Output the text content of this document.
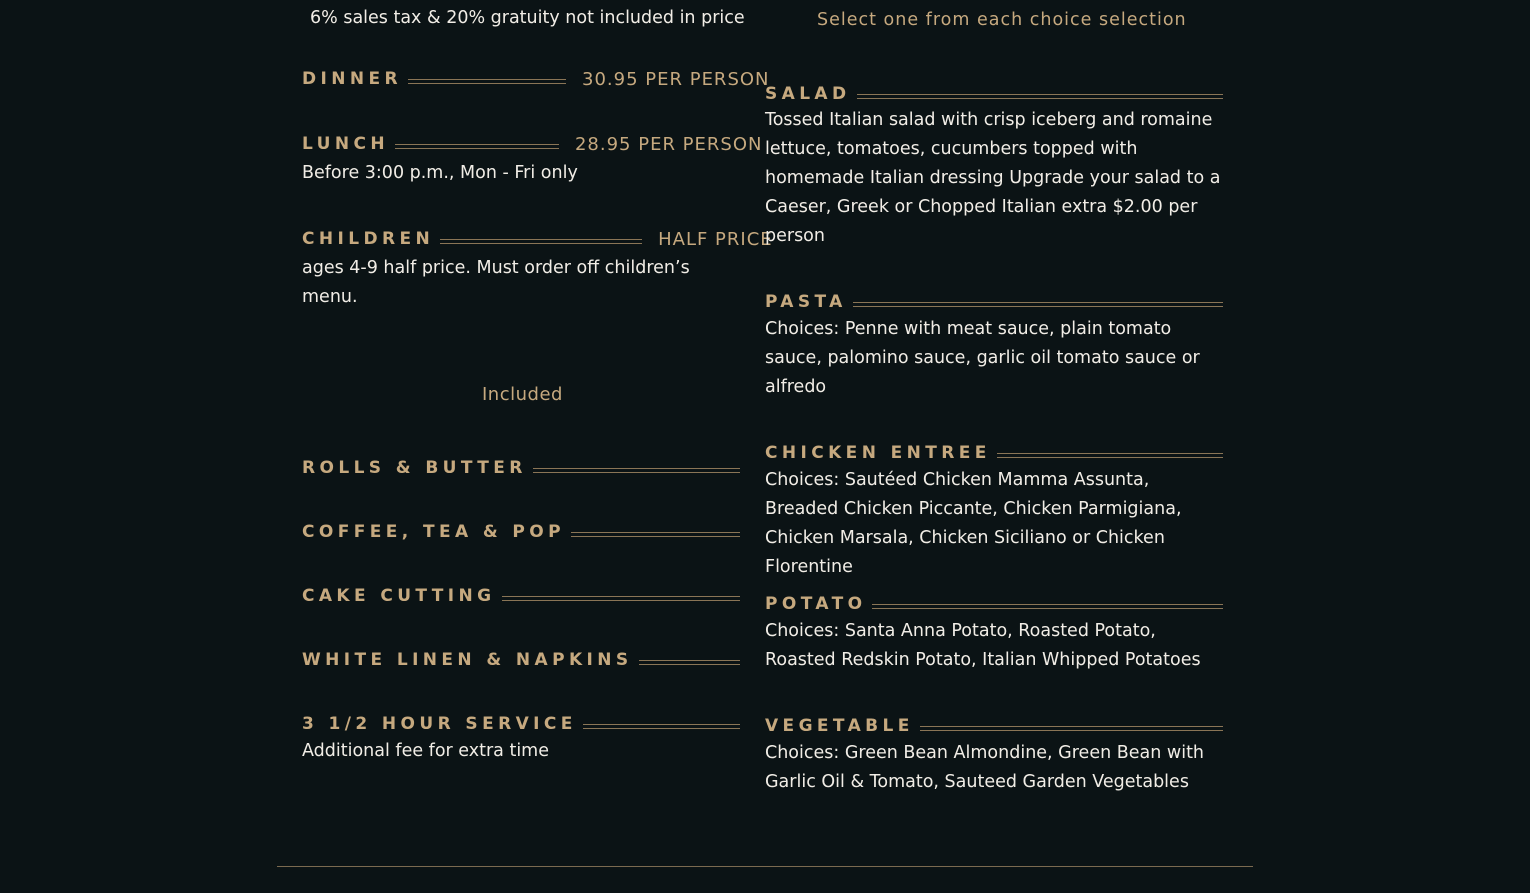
6% sales tax & 20% gratuity not included in price
DINNER	30.95 PER PERSON
LUNCH	28.95 PER PERSON
Before 3:00 p.m., Mon - Fri only
CHILDREN	HALF PRICE
ages 4-9 half price. Must order off children’s menu.
Included
ROLLS & BUTTER
COFFEE, TEA & POP
CAKE CUTTING
WHITE LINEN & NAPKINS
3 1/2 HOUR SERVICE
Additional fee for extra time
Select one from each choice selection
SALAD
Tossed Italian salad with crisp iceberg and romaine lettuce, tomatoes, cucumbers topped with homemade Italian dressing Upgrade your salad to a Caeser, Greek or Chopped Italian extra $2.00 per person
PASTA
Choices: Penne with meat sauce, plain tomato sauce, palomino sauce, garlic oil tomato sauce or alfredo
CHICKEN ENTREE
Choices: Sautéed Chicken Mamma Assunta, Breaded Chicken Piccante, Chicken Parmigiana, Chicken Marsala, Chicken Siciliano or Chicken Florentine
POTATO
Choices: Santa Anna Potato, Roasted Potato, Roasted Redskin Potato, Italian Whipped Potatoes
VEGETABLE
Choices: Green Bean Almondine, Green Bean with Garlic Oil & Tomato, Sauteed Garden Vegetables
